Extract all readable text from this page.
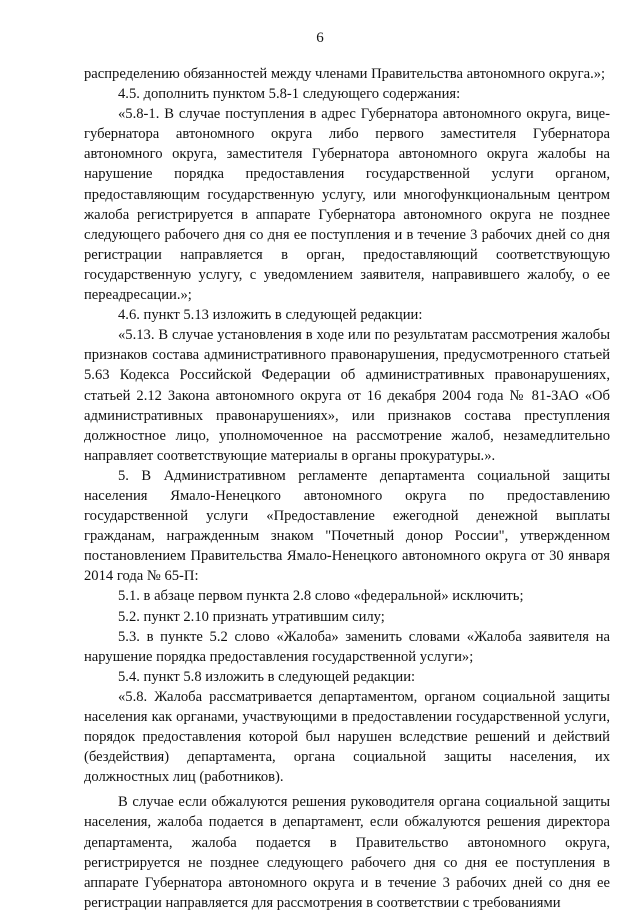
6

распределению обязанностей между членами Правительства автономного округа.»;

4.5. дополнить пунктом 5.8-1 следующего содержания:

«5.8-1. В случае поступления в адрес Губернатора автономного округа, вице-губернатора автономного округа либо первого заместителя Губернатора автономного округа, заместителя Губернатора автономного округа жалобы на нарушение порядка предоставления государственной услуги органом, предоставляющим государственную услугу, или многофункциональным центром жалоба регистрируется в аппарате Губернатора автономного округа не позднее следующего рабочего дня со дня ее поступления и в течение 3 рабочих дней со дня регистрации направляется в орган, предоставляющий соответствующую государственную услугу, с уведомлением заявителя, направившего жалобу, о ее переадресации.»;

4.6. пункт 5.13 изложить в следующей редакции:

«5.13. В случае установления в ходе или по результатам рассмотрения жалобы признаков состава административного правонарушения, предусмотренного статьей 5.63 Кодекса Российской Федерации об административных правонарушениях, статьей 2.12 Закона автономного округа от 16 декабря 2004 года № 81-ЗАО «Об административных правонарушениях», или признаков состава преступления должностное лицо, уполномоченное на рассмотрение жалоб, незамедлительно направляет соответствующие материалы в органы прокуратуры.».

5. В Административном регламенте департамента социальной защиты населения Ямало-Ненецкого автономного округа по предоставлению государственной услуги «Предоставление ежегодной денежной выплаты гражданам, награжденным знаком "Почетный донор России", утвержденном постановлением Правительства Ямало-Ненецкого автономного округа от 30 января 2014 года № 65-П:

5.1. в абзаце первом пункта 2.8 слово «федеральной» исключить;

5.2. пункт 2.10 признать утратившим силу;

5.3. в пункте 5.2 слово «Жалоба» заменить словами «Жалоба заявителя на нарушение порядка предоставления государственной услуги»;

5.4. пункт 5.8 изложить в следующей редакции:

«5.8. Жалоба рассматривается департаментом, органом социальной защиты населения как органами, участвующими в предоставлении государственной услуги, порядок предоставления которой был нарушен вследствие решений и действий (бездействия) департамента, органа социальной защиты населения, их должностных лиц (работников).

В случае если обжалуются решения руководителя органа социальной защиты населения, жалоба подается в департамент, если обжалуются решения директора департамента, жалоба подается в Правительство автономного округа, регистрируется не позднее следующего рабочего дня со дня ее поступления в аппарате Губернатора автономного округа и в течение 3 рабочих дней со дня ее регистрации направляется для рассмотрения в соответствии с требованиями
